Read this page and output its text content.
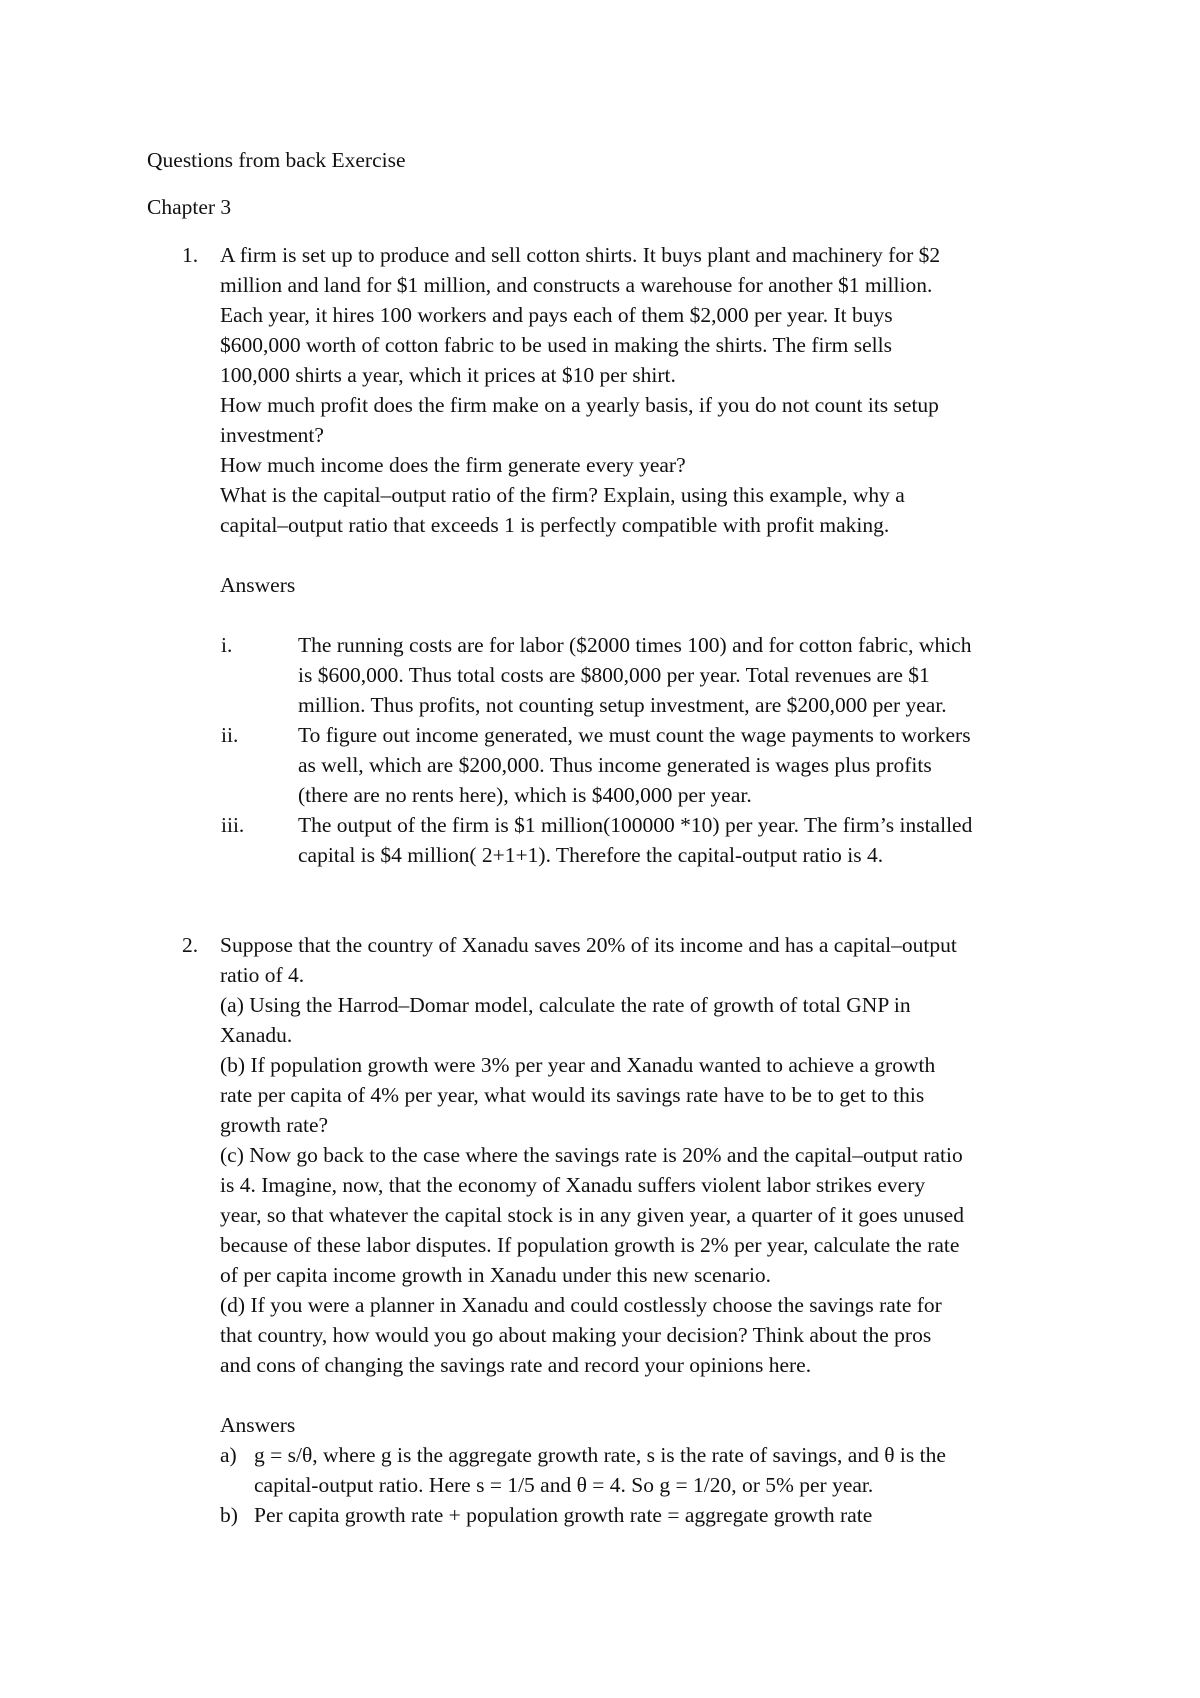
Questions from back Exercise

Chapter 3

1. A firm is set up to produce and sell cotton shirts. It buys plant and machinery for $2

million and land for $1 million, and constructs a warehouse for another $1 million.

Each year, it hires 100 workers and pays each of them $2,000 per year. It buys

$600,000 worth of cotton fabric to be used in making the shirts. The firm sells

100,000 shirts a year, which it prices at $10 per shirt.

How much profit does the firm make on a yearly basis, if you do not count its setup

investment?

How much income does the firm generate every year?

What is the capital–output ratio of the firm? Explain, using this example, why a

capital–output ratio that exceeds 1 is perfectly compatible with profit making.

Answers

i.	The running costs are for labor ($2000 times 100) and for cotton fabric, which

is $600,000. Thus total costs are $800,000 per year. Total revenues are $1

million. Thus profits, not counting setup investment, are $200,000 per year.

ii.	To figure out income generated, we must count the wage payments to workers

as well, which are $200,000. Thus income generated is wages plus profits

(there are no rents here), which is $400,000 per year.

iii. The output of the firm is $1 million(100000 *10) per year. The firm’s installed

capital is $4 million( 2+1+1). Therefore the capital-output ratio is 4.

2. Suppose that the country of Xanadu saves 20% of its income and has a capital–output

ratio of 4.

(a) Using the Harrod–Domar model, calculate the rate of growth of total GNP in

Xanadu.

(b) If population growth were 3% per year and Xanadu wanted to achieve a growth

rate per capita of 4% per year, what would its savings rate have to be to get to this

growth rate?

(c) Now go back to the case where the savings rate is 20% and the capital–output ratio

is 4. Imagine, now, that the economy of Xanadu suffers violent labor strikes every

year, so that whatever the capital stock is in any given year, a quarter of it goes unused

because of these labor disputes. If population growth is 2% per year, calculate the rate

of per capita income growth in Xanadu under this new scenario.

(d) If you were a planner in Xanadu and could costlessly choose the savings rate for

that country, how would you go about making your decision? Think about the pros

and cons of changing the savings rate and record your opinions here.

Answers

a) g = s/θ, where g is the aggregate growth rate, s is the rate of savings, and θ is the

capital-output ratio. Here s = 1/5 and θ = 4. So g = 1/20, or 5% per year.

b) Per capita growth rate + population growth rate = aggregate growth rate
